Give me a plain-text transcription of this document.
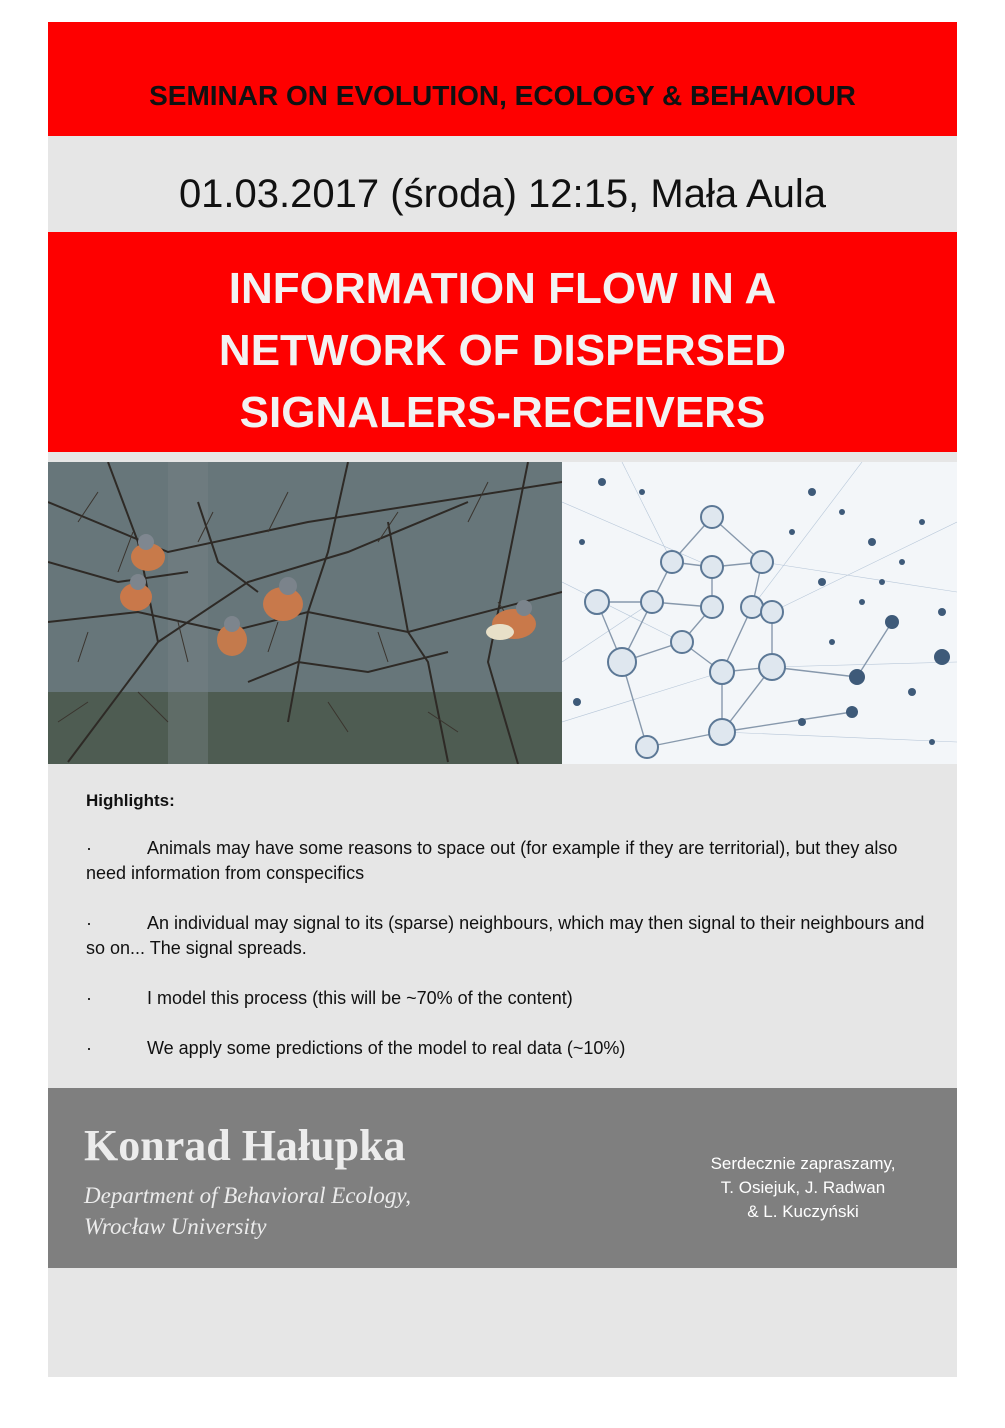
SEMINAR ON EVOLUTION, ECOLOGY & BEHAVIOUR
01.03.2017 (środa) 12:15, Mała Aula
INFORMATION FLOW IN A
NETWORK OF DISPERSED
SIGNALERS-RECEIVERS
Highlights:
·	Animals may have some reasons to space out (for example if they are territorial), but they also need information from conspecifics
·	An individual may signal to its (sparse) neighbours, which may then signal to their neighbours and so on... The signal spreads.
·	I model this process (this will be ~70% of the content)
·	We apply some predictions of the model to real data (~10%)
Konrad Hałupka
Department of Behavioral Ecology,
Wrocław University
Serdecznie zapraszamy,
T. Osiejuk, J. Radwan
& L. Kuczyński
